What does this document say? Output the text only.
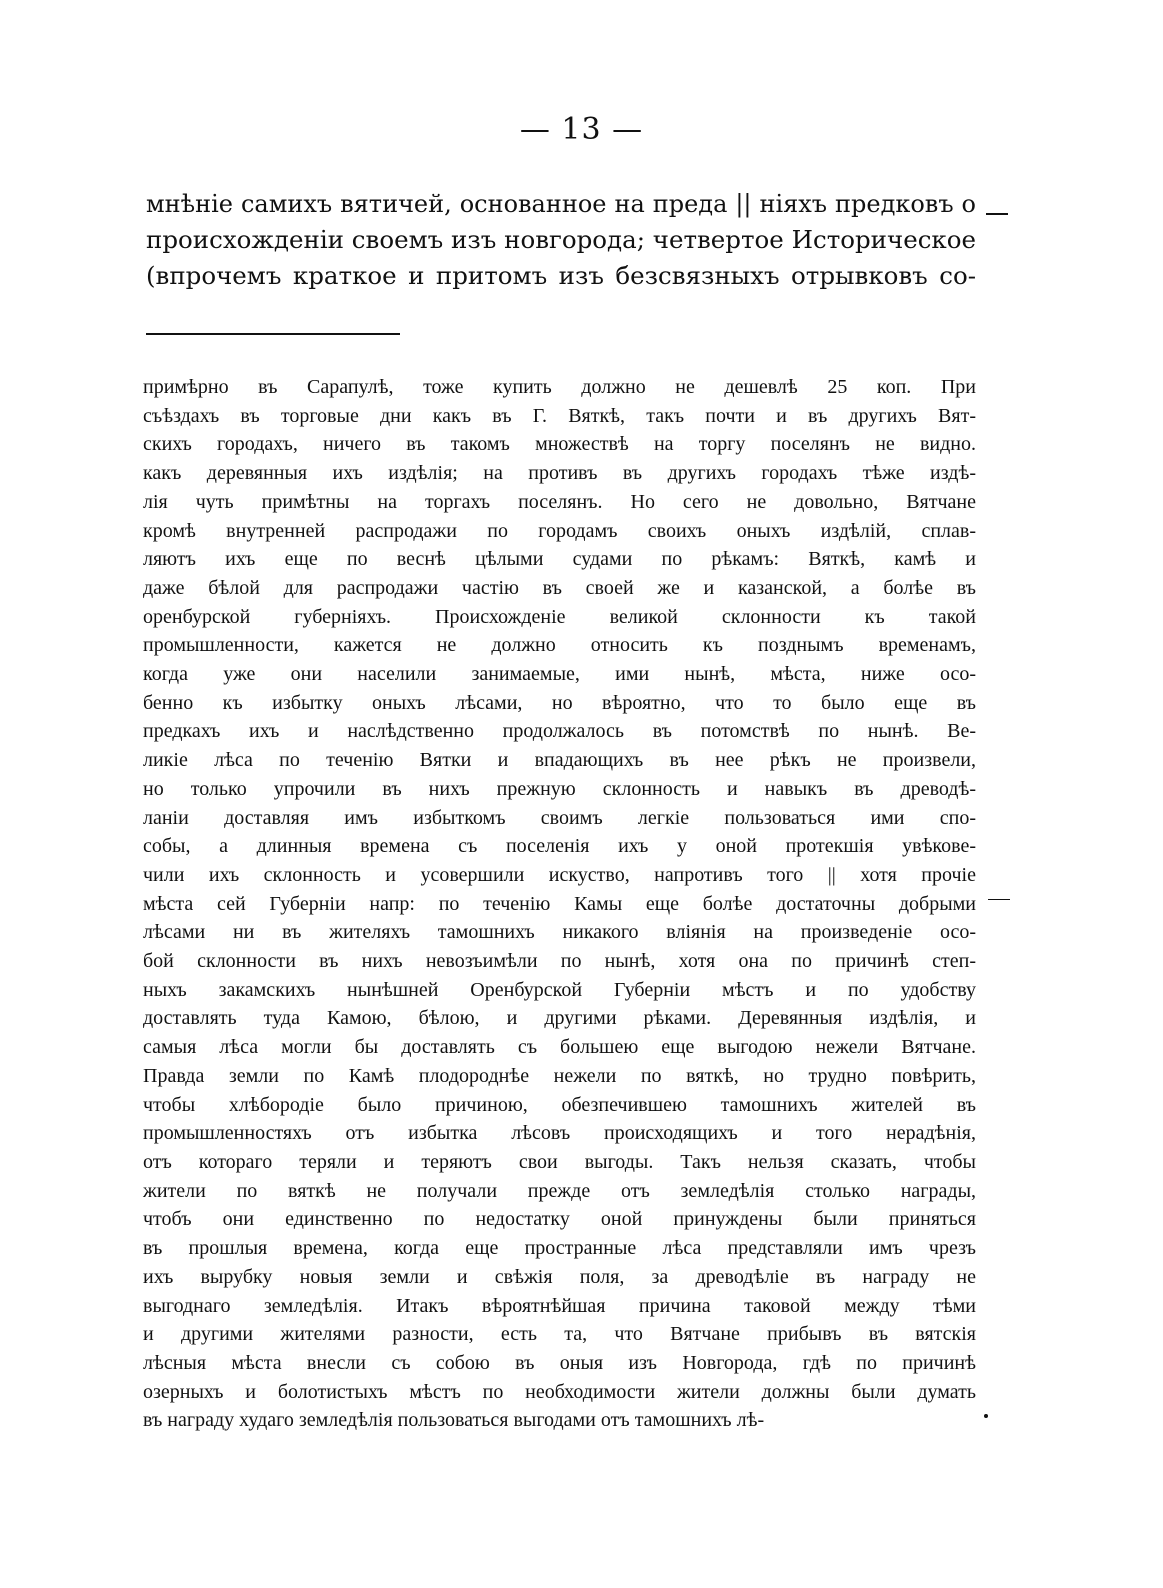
— 13 —
мнѣніе самихъ вятичей, основанное на преда || ніяхъ предковъ о
происхожденіи своемъ изъ новгорода; четвертое Историческое
(впрочемъ краткое и притомъ изъ безсвязныхъ отрывковъ со-
примѣрно въ Сарапулѣ, тоже купить должно не дешевлѣ 25 коп. При
съѣздахъ въ торговые дни какъ въ Г. Вяткѣ, такъ почти и въ другихъ Вят-
скихъ городахъ, ничего въ такомъ множествѣ на торгу поселянъ не видно.
какъ деревянныя ихъ издѣлія; на противъ въ другихъ городахъ тѣже издѣ-
лія чуть примѣтны на торгахъ поселянъ. Но сего не довольно, Вятчане
кромѣ внутренней распродажи по городамъ своихъ оныхъ издѣлій, сплав-
ляютъ ихъ еще по веснѣ цѣлыми судами по рѣкамъ: Вяткѣ, камѣ и
даже бѣлой для распродажи частію въ своей же и казанской, а болѣе въ
оренбурской губерніяхъ. Происхожденіе великой склонности къ такой
промышленности, кажется не должно относить къ позднымъ временамъ,
когда уже они населили занимаемые, ими нынѣ, мѣста, ниже осо-
бенно къ избытку оныхъ лѣсами, но вѣроятно, что то было еще въ
предкахъ ихъ и наслѣдственно продолжалось въ потомствѣ по нынѣ. Ве-
ликіе лѣса по теченію Вятки и впадающихъ въ нее рѣкъ не произвели,
но только упрочили въ нихъ прежную склонность и навыкъ въ древодѣ-
ланіи доставляя имъ избыткомъ своимъ легкіе пользоваться ими спо-
собы, а длинныя времена съ поселенія ихъ у оной протекшія увѣкове-
чили ихъ склонность и усовершили искуство, напротивъ того || хотя прочіе
мѣста сей Губерніи напр: по теченію Камы еще болѣе достаточны добрыми
лѣсами ни въ жителяхъ тамошнихъ никакого вліянія на произведеніе осо-
бой склонности въ нихъ невозъимѣли по нынѣ, хотя она по причинѣ степ-
ныхъ закамскихъ нынѣшней Оренбурской Губерніи мѣстъ и по удобству
доставлять туда Камою, бѣлою, и другими рѣками. Деревянныя издѣлія, и
самыя лѣса могли бы доставлять съ большею еще выгодою нежели Вятчане.
Правда земли по Камѣ плодороднѣе нежели по вяткѣ, но трудно повѣрить,
чтобы хлѣбородіе было причиною, обезпечившею тамошнихъ жителей въ
промышленностяхъ отъ избытка лѣсовъ происходящихъ и того нерадѣнія,
отъ котораго теряли и теряютъ свои выгоды. Такъ нельзя сказать, чтобы
жители по вяткѣ не получали прежде отъ земледѣлія столько награды,
чтобъ они единственно по недостатку оной принуждены были приняться
въ прошлыя времена, когда еще пространные лѣса представляли имъ чрезъ
ихъ вырубку новыя земли и свѣжія поля, за древодѣліе въ награду не
выгоднаго земледѣлія. Итакъ вѣроятнѣйшая причина таковой между тѣми
и другими жителями разности, есть та, что Вятчане прибывъ въ вятскія
лѣсныя мѣста внесли съ собою въ оныя изъ Новгорода, гдѣ по причинѣ
озерныхъ и болотистыхъ мѣстъ по необходимости жители должны были думать
въ награду худаго земледѣлія пользоваться выгодами отъ тамошнихъ лѣ-
